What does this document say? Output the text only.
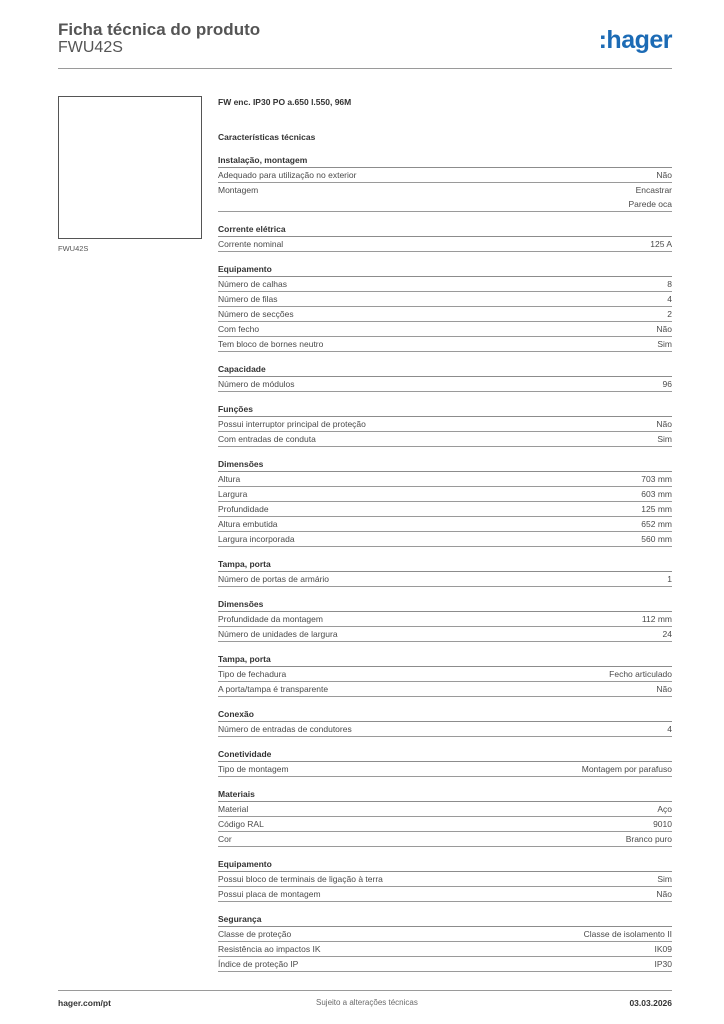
Ficha técnica do produto
FWU42S	:hager
FWU42S
FW enc. IP30 PO a.650 l.550, 96M
Características técnicas
Instalação, montagem
Adequado para utilização no exterior	Não
Montagem	Encastrar
Parede oca
Corrente elétrica
Corrente nominal	125 A
Equipamento
Número de calhas	8
Número de filas	4
Número de secções	2
Com fecho	Não
Tem bloco de bornes neutro	Sim
Capacidade
Número de módulos	96
Funções
Possui interruptor principal de proteção	Não
Com entradas de conduta	Sim
Dimensões
Altura	703 mm
Largura	603 mm
Profundidade	125 mm
Altura embutida	652 mm
Largura incorporada	560 mm
Tampa, porta
Número de portas de armário	1
Dimensões
Profundidade da montagem	112 mm
Número de unidades de largura	24
Tampa, porta
Tipo de fechadura	Fecho articulado
A porta/tampa é transparente	Não
Conexão
Número de entradas de condutores	4
Conetividade
Tipo de montagem	Montagem por parafuso
Materiais
Material	Aço
Código RAL	9010
Cor	Branco puro
Equipamento
Possui bloco de terminais de ligação à terra	Sim
Possui placa de montagem	Não
Segurança
Classe de proteção	Classe de isolamento II
Resistência ao impactos IK	IK09
Índice de proteção IP	IP30
hager.com/pt	Sujeito a alterações técnicas	03.03.2026
